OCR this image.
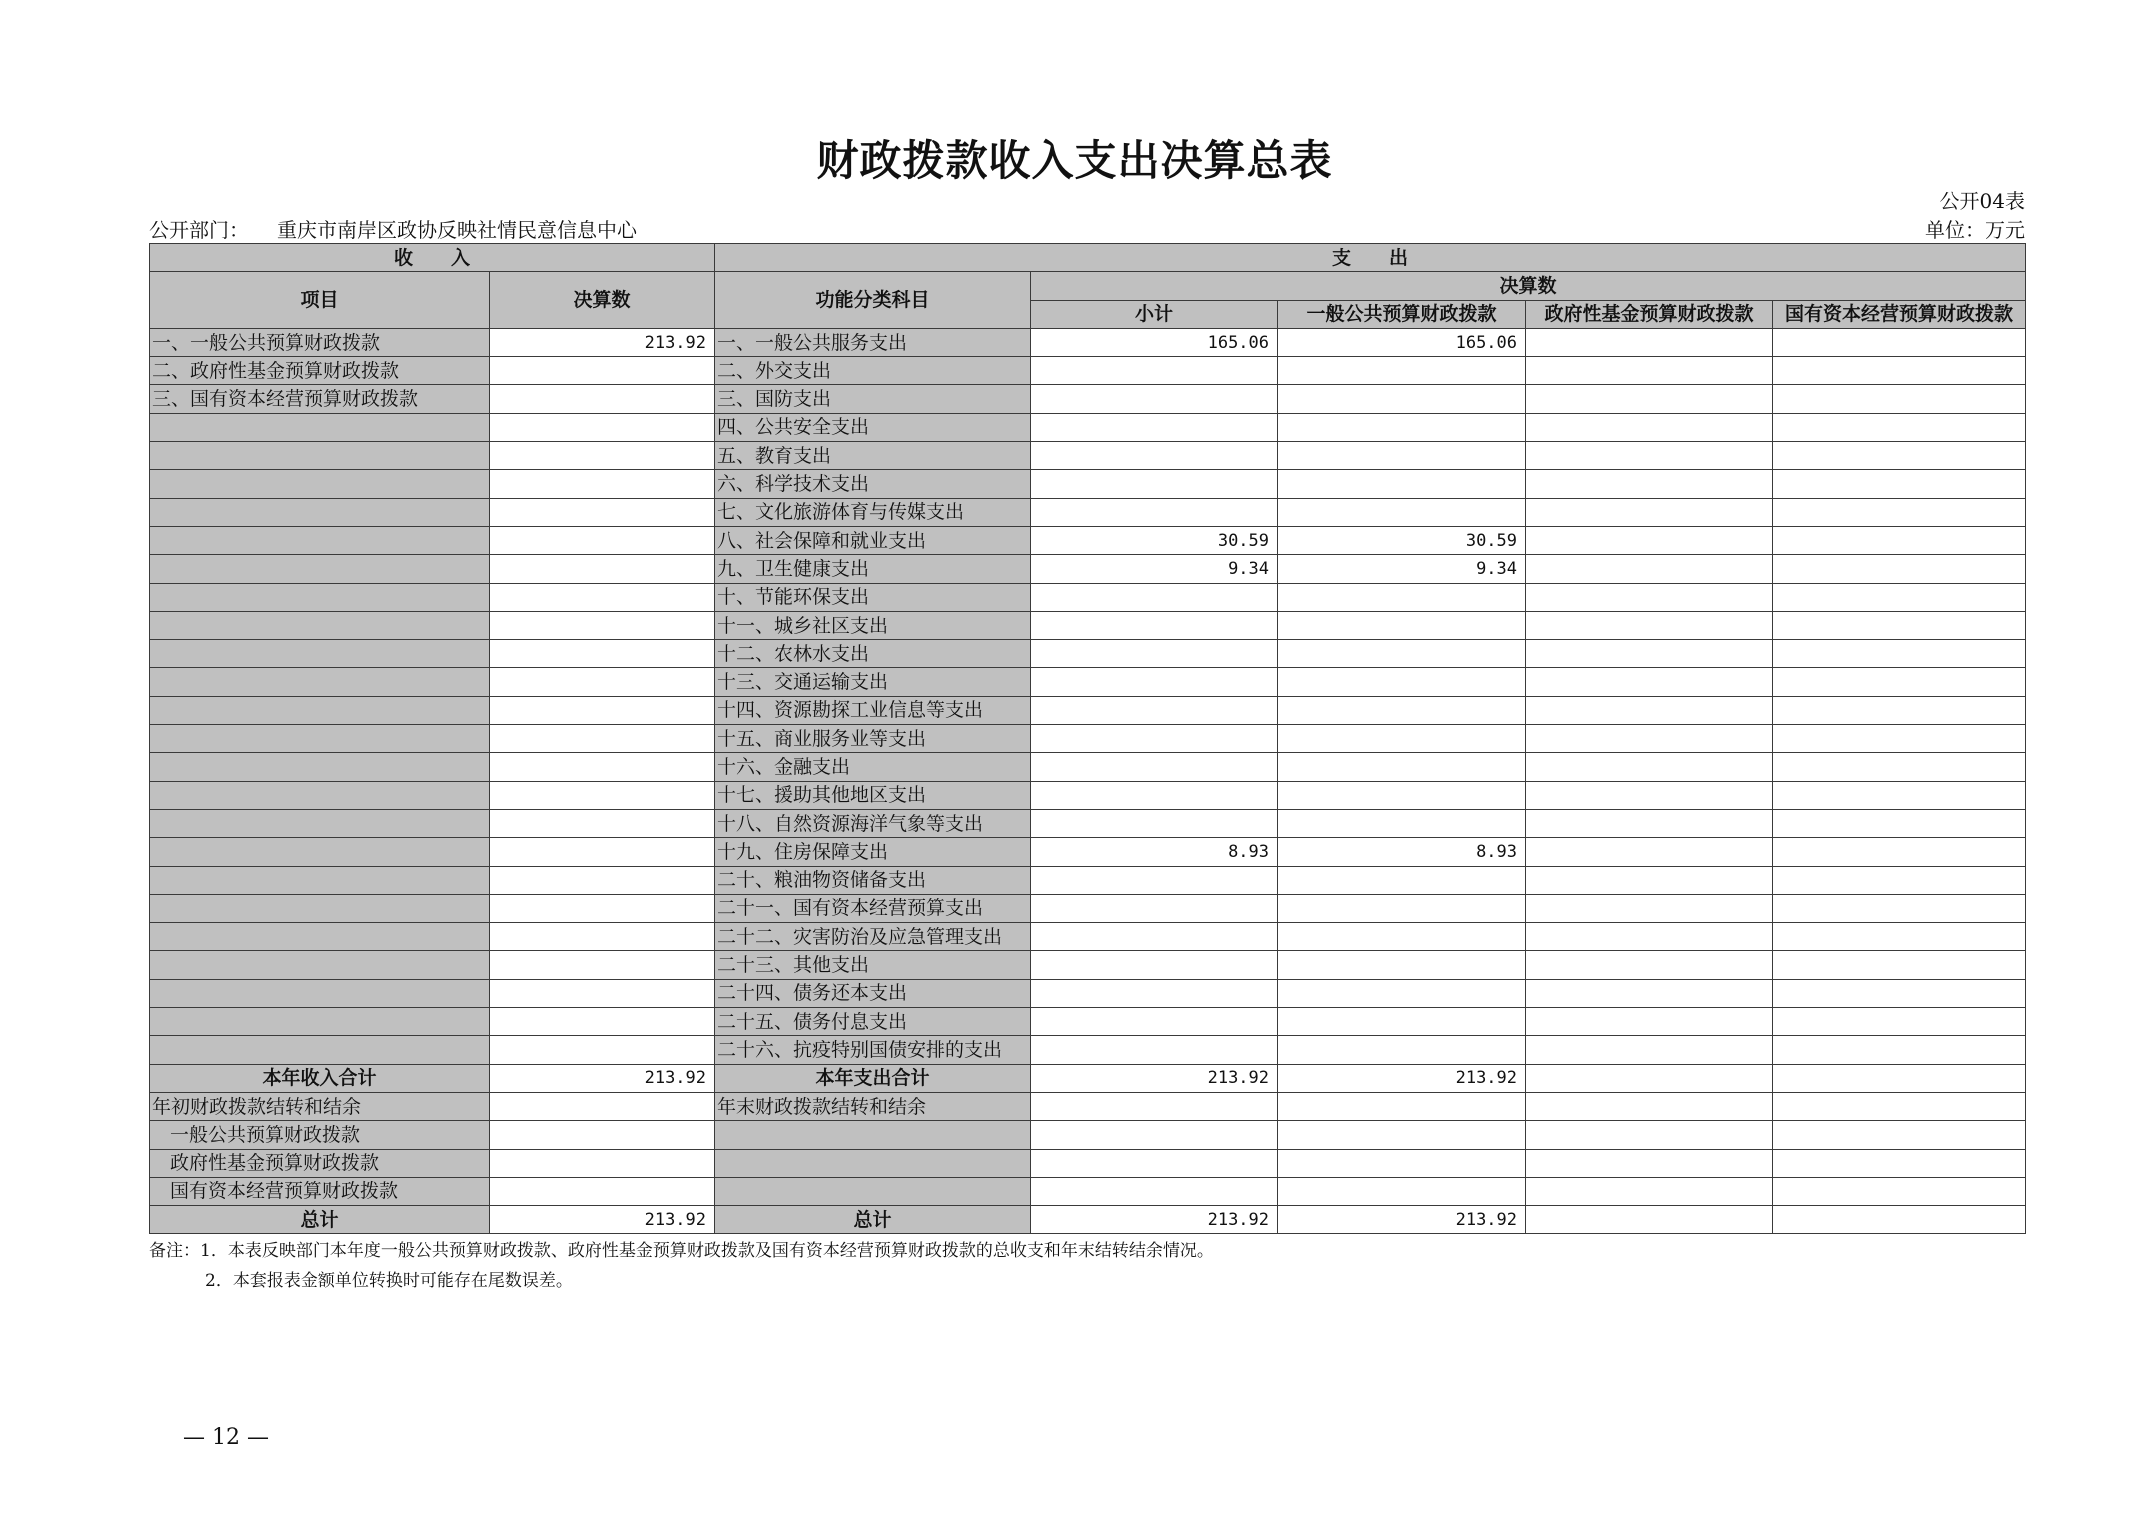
财政拨款收入支出决算总表
公开04表
公开部门： 重庆市南岸区政协反映社情民意信息中心	单位：万元
收　　入		支　　出				
项目	决算数	功能分类科目	决算数			
			小计	一般公共预算财政拨款	政府性基金预算财政拨款	国有资本经营预算财政拨款
一、一般公共预算财政拨款	213.92	一、一般公共服务支出	165.06	165.06		
二、政府性基金预算财政拨款		二、外交支出				
三、国有资本经营预算财政拨款		三、国防支出				
		四、公共安全支出				
		五、教育支出				
		六、科学技术支出				
		七、文化旅游体育与传媒支出				
		八、社会保障和就业支出	30.59	30.59		
		九、卫生健康支出	9.34	9.34		
		十、节能环保支出				
		十一、城乡社区支出				
		十二、农林水支出				
		十三、交通运输支出				
		十四、资源勘探工业信息等支出				
		十五、商业服务业等支出				
		十六、金融支出				
		十七、援助其他地区支出				
		十八、自然资源海洋气象等支出				
		十九、住房保障支出	8.93	8.93		
		二十、粮油物资储备支出				
		二十一、国有资本经营预算支出				
		二十二、灾害防治及应急管理支出				
		二十三、其他支出				
		二十四、债务还本支出				
		二十五、债务付息支出				
		二十六、抗疫特别国债安排的支出				
本年收入合计	213.92	本年支出合计	213.92	213.92		
年初财政拨款结转和结余		年末财政拨款结转和结余				
一般公共预算财政拨款						
政府性基金预算财政拨款						
国有资本经营预算财政拨款						
总计	213.92	总计	213.92	213.92		
备注：1．本表反映部门本年度一般公共预算财政拨款、政府性基金预算财政拨款及国有资本经营预算财政拨款的总收支和年末结转结余情况。
2．本套报表金额单位转换时可能存在尾数误差。
— 12 —
